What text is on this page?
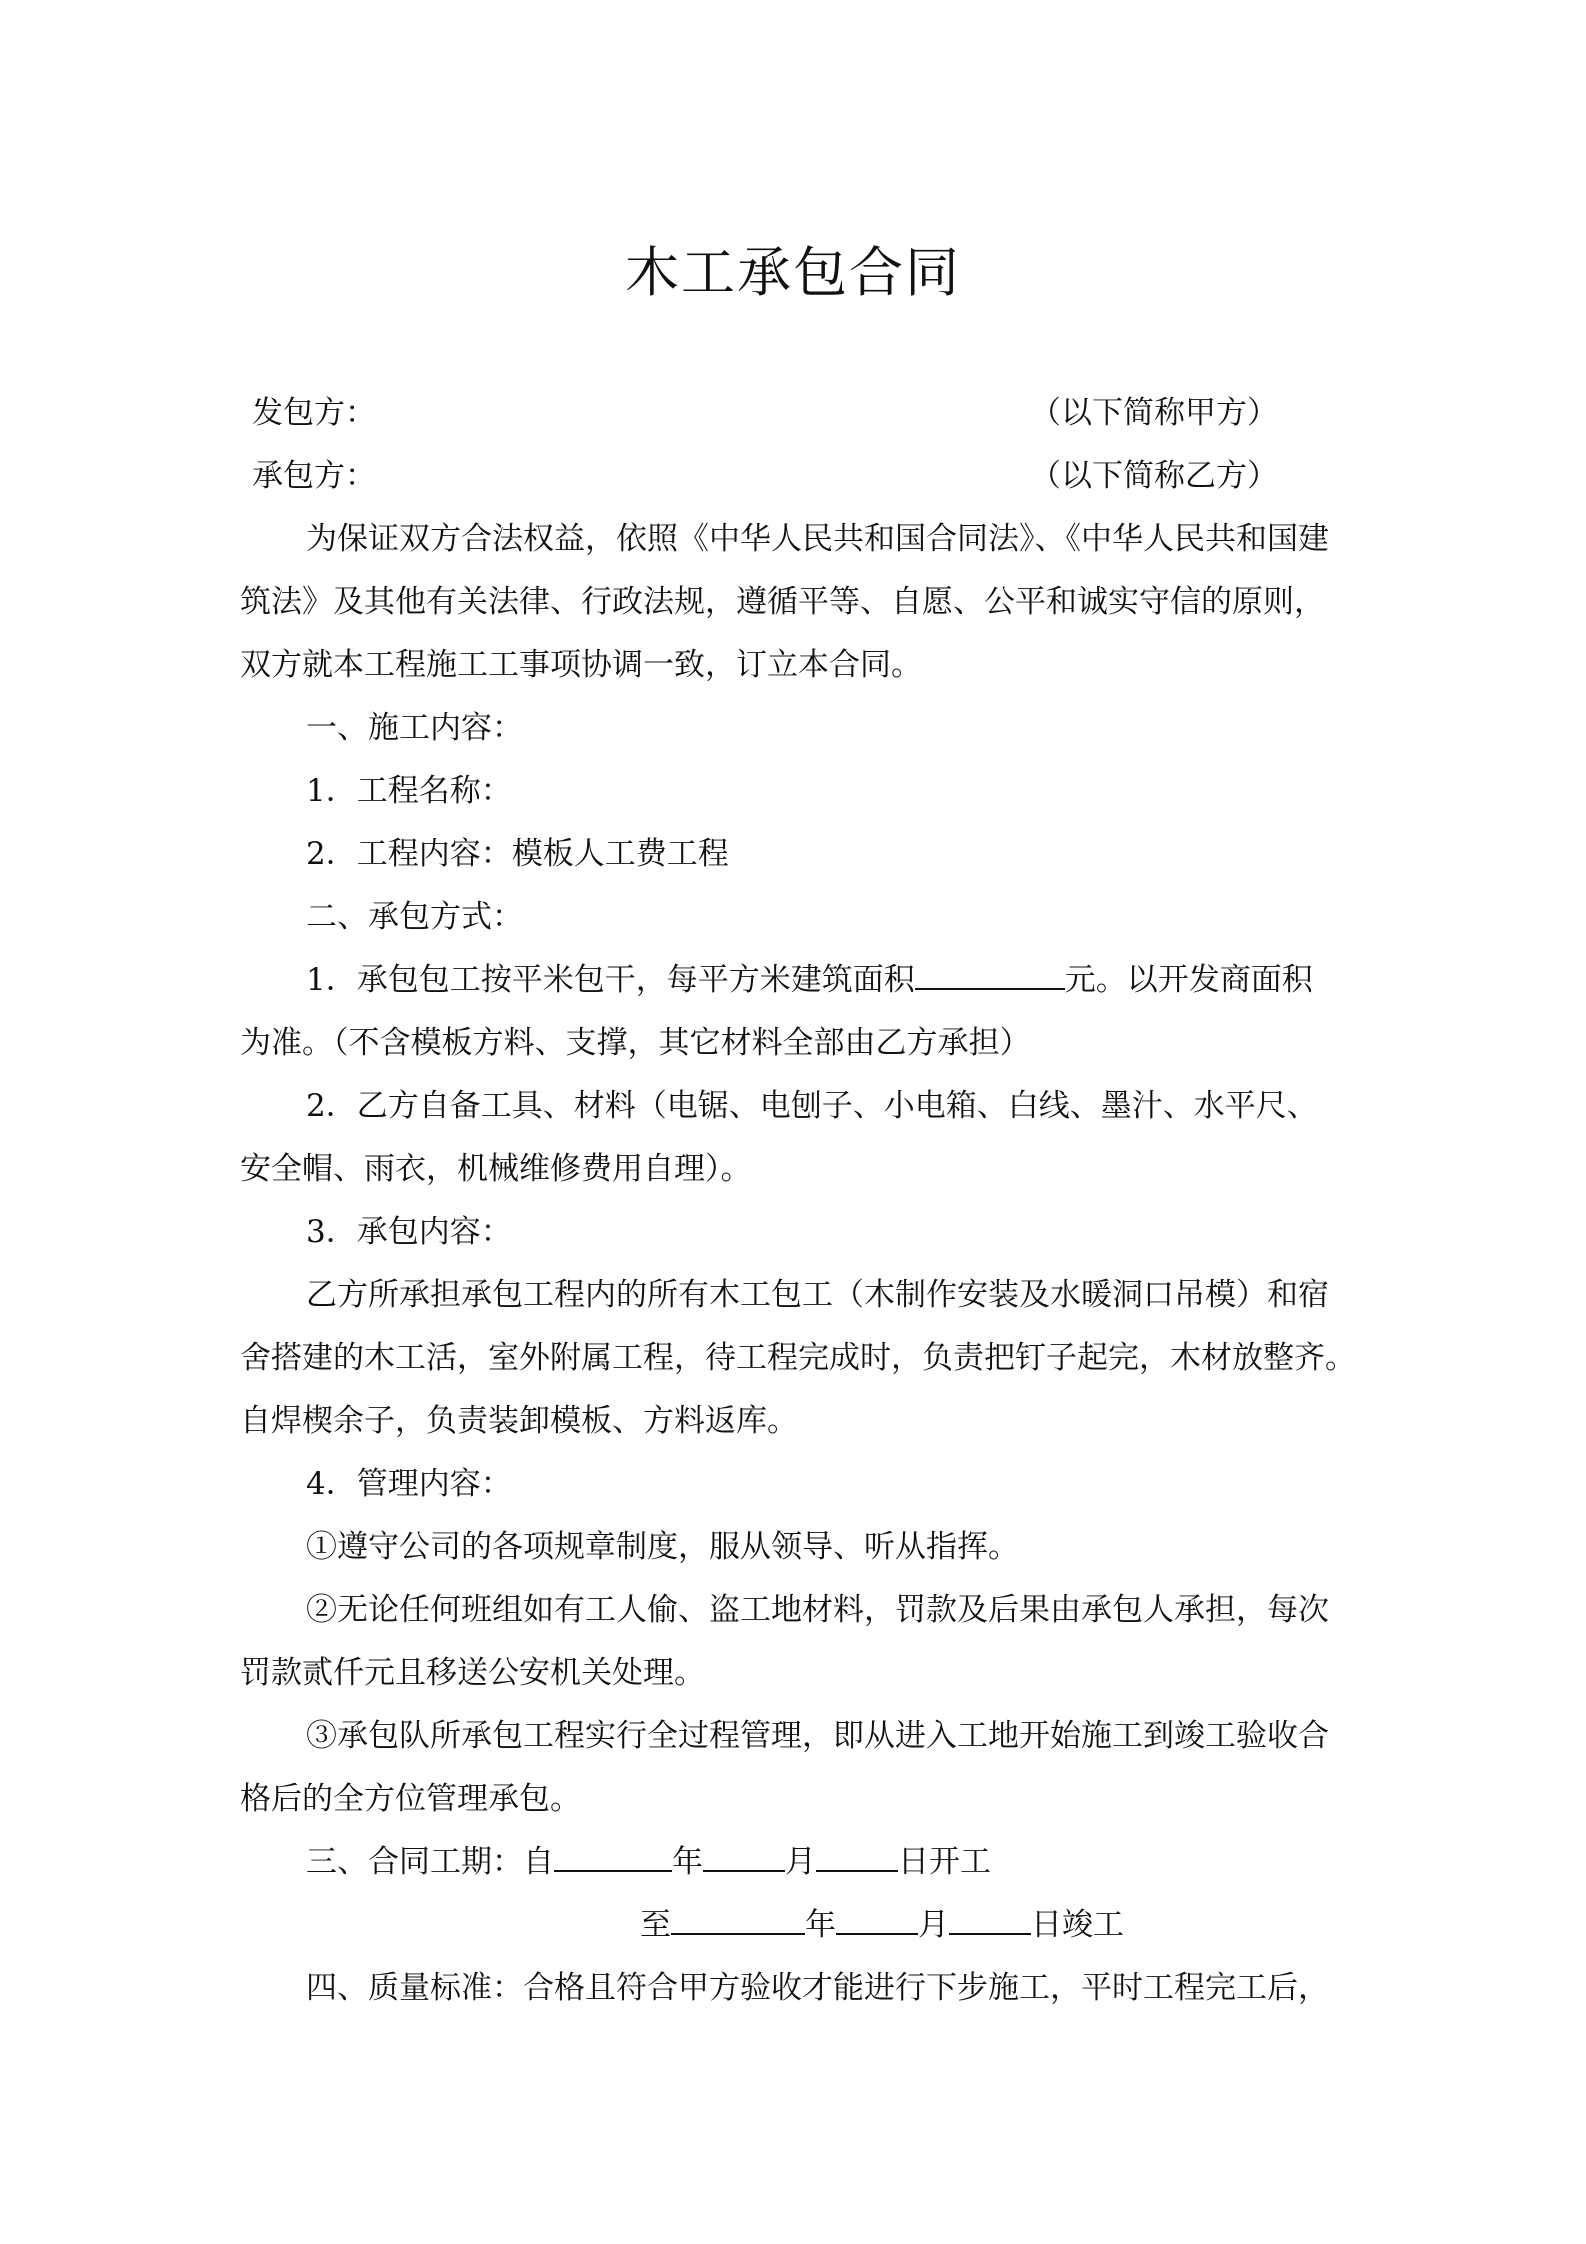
木工承包合同
发包方：	（以下简称甲方）
承包方：	（以下简称乙方）
为保证双方合法权益，依照《中华人民共和国合同法》、《中华人民共和国建
筑法》及其他有关法律、行政法规，遵循平等、自愿、公平和诚实守信的原则，
双方就本工程施工工事项协调一致，订立本合同。
一、施工内容：
1．工程名称：
2．工程内容：模板人工费工程
二、承包方式：
1．承包包工按平米包干，每平方米建筑面积	元。以开发商面积
为准。（不含模板方料、支撑，其它材料全部由乙方承担）
2．乙方自备工具、材料（电锯、电刨子、小电箱、白线、墨汁、水平尺、
安全帽、雨衣，机械维修费用自理）。
3．承包内容：
乙方所承担承包工程内的所有木工包工（木制作安装及水暖洞口吊模）和宿
舍搭建的木工活，室外附属工程，待工程完成时，负责把钉子起完，木材放整齐。
自焊楔余子，负责装卸模板、方料返库。
4．管理内容：
①遵守公司的各项规章制度，服从领导、听从指挥。
②无论任何班组如有工人偷、盗工地材料，罚款及后果由承包人承担，每次
罚款贰仟元且移送公安机关处理。
③承包队所承包工程实行全过程管理，即从进入工地开始施工到竣工验收合
格后的全方位管理承包。
三、合同工期：自	年	月	日开工
至	年	月	日竣工
四、质量标准：合格且符合甲方验收才能进行下步施工，平时工程完工后，
